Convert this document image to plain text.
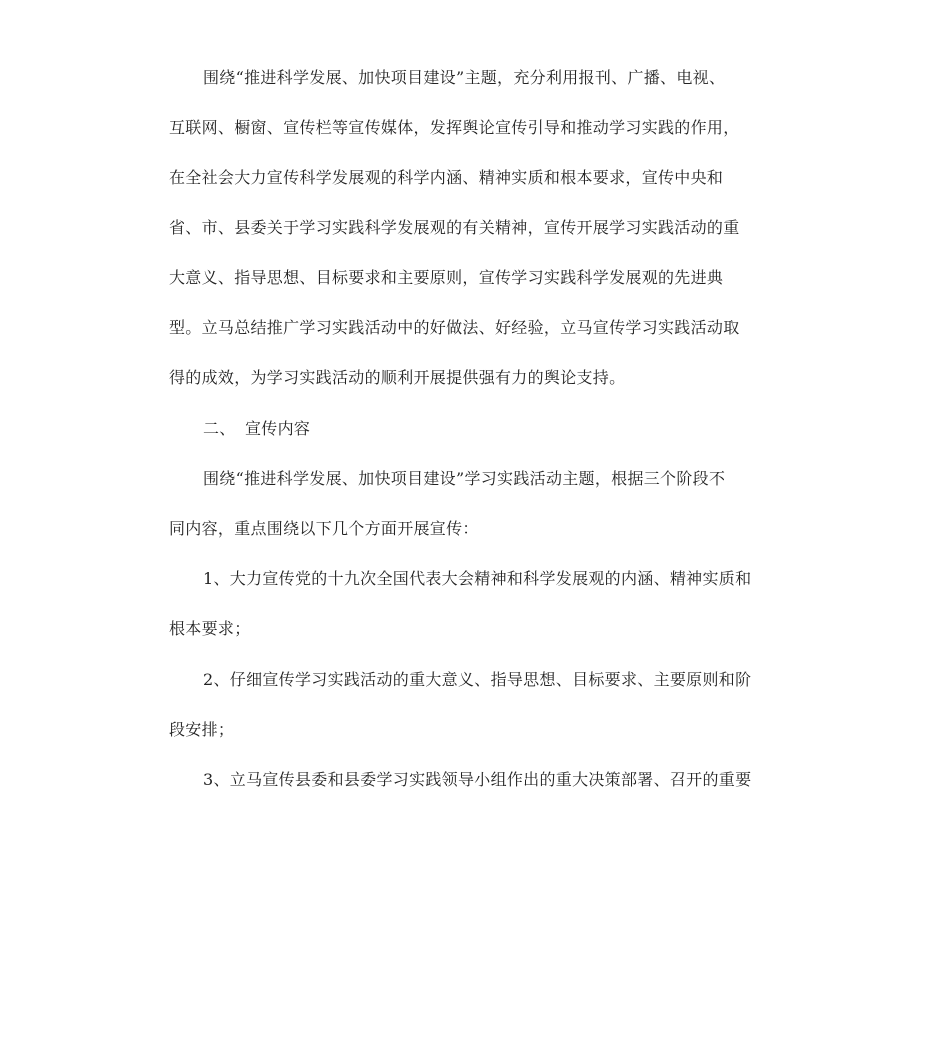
围绕“推进科学发展、加快项目建设”主题，充分利用报刊、广播、电视、
互联网、橱窗、宣传栏等宣传媒体，发挥舆论宣传引导和推动学习实践的作用，
在全社会大力宣传科学发展观的科学内涵、精神实质和根本要求，宣传中央和
省、市、县委关于学习实践科学发展观的有关精神，宣传开展学习实践活动的重
大意义、指导思想、目标要求和主要原则，宣传学习实践科学发展观的先进典
型。立马总结推广学习实践活动中的好做法、好经验，立马宣传学习实践活动取
得的成效，为学习实践活动的顺利开展提供强有力的舆论支持。
二、 宣传内容
围绕“推进科学发展、加快项目建设”学习实践活动主题，根据三个阶段不
同内容，重点围绕以下几个方面开展宣传：
1、大力宣传党的十九次全国代表大会精神和科学发展观的内涵、精神实质和
根本要求；
2、仔细宣传学习实践活动的重大意义、指导思想、目标要求、主要原则和阶
段安排；
3、立马宣传县委和县委学习实践领导小组作出的重大决策部署、召开的重要
